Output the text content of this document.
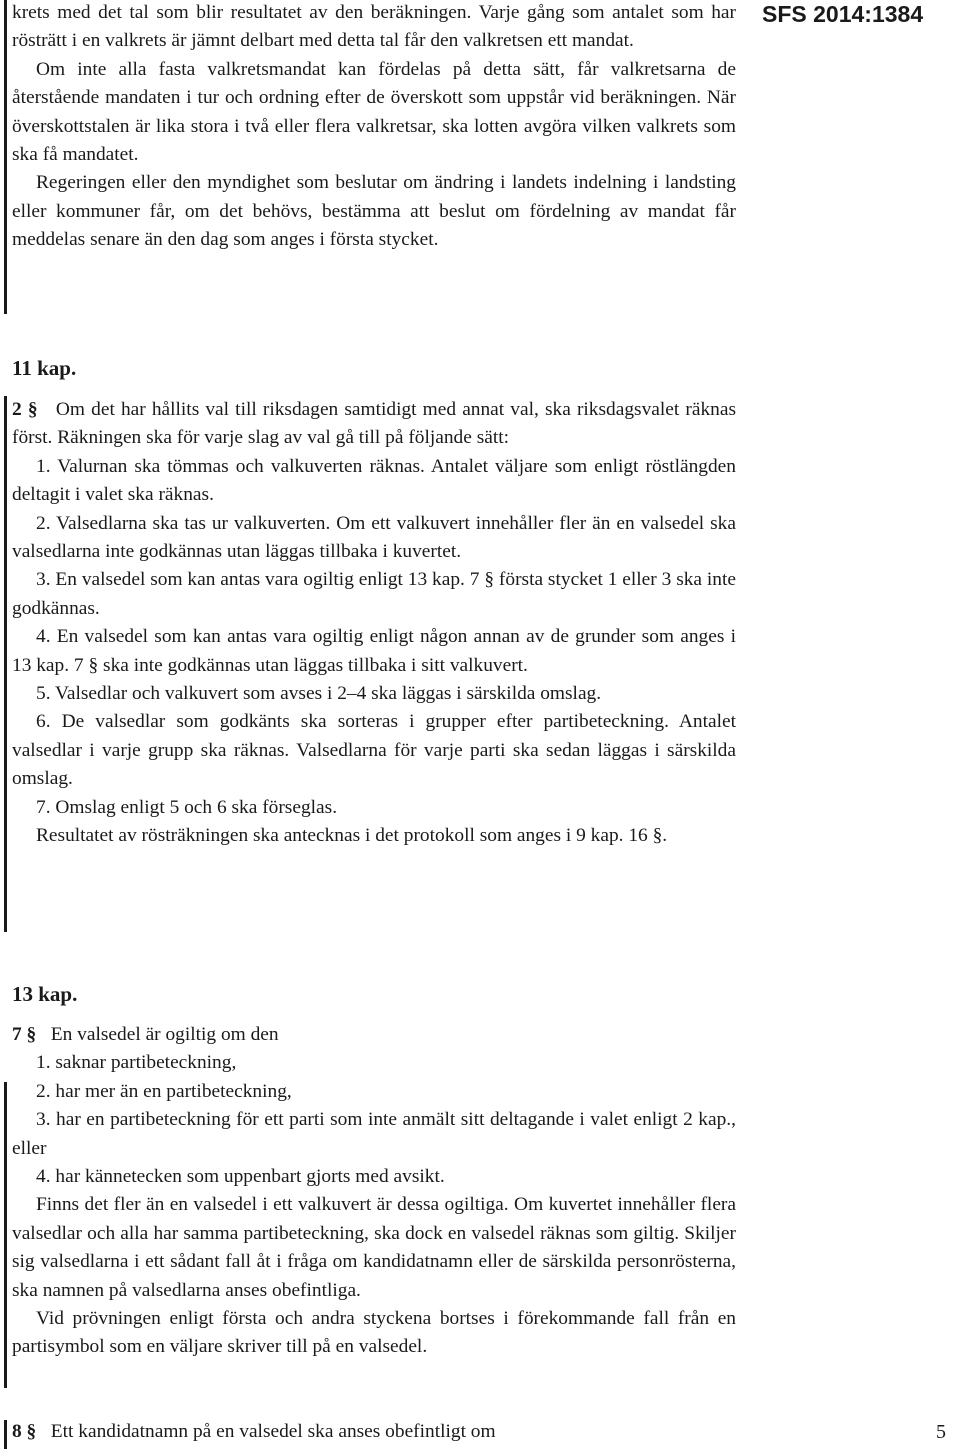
SFS 2014:1384

krets med det tal som blir resultatet av den beräkningen. Varje gång som antalet som har rösträtt i en valkrets är jämnt delbart med detta tal får den valkretsen ett mandat.

Om inte alla fasta valkretsmandat kan fördelas på detta sätt, får valkretsarna de återstående mandaten i tur och ordning efter de överskott som uppstår vid beräkningen. När överskottstalen är lika stora i två eller flera valkretsar, ska lotten avgöra vilken valkrets som ska få mandatet.

Regeringen eller den myndighet som beslutar om ändring i landets indelning i landsting eller kommuner får, om det behövs, bestämma att beslut om fördelning av mandat får meddelas senare än den dag som anges i första stycket.

11 kap.

2 § Om det har hållits val till riksdagen samtidigt med annat val, ska riksdagsvalet räknas först. Räkningen ska för varje slag av val gå till på följande sätt:

1. Valurnan ska tömmas och valkuverten räknas. Antalet väljare som enligt röstlängden deltagit i valet ska räknas.

2. Valsedlarna ska tas ur valkuverten. Om ett valkuvert innehåller fler än en valsedel ska valsedlarna inte godkännas utan läggas tillbaka i kuvertet.

3. En valsedel som kan antas vara ogiltig enligt 13 kap. 7 § första stycket 1 eller 3 ska inte godkännas.

4. En valsedel som kan antas vara ogiltig enligt någon annan av de grunder som anges i 13 kap. 7 § ska inte godkännas utan läggas tillbaka i sitt valkuvert.

5. Valsedlar och valkuvert som avses i 2–4 ska läggas i särskilda omslag.

6. De valsedlar som godkänts ska sorteras i grupper efter partibeteckning. Antalet valsedlar i varje grupp ska räknas. Valsedlarna för varje parti ska sedan läggas i särskilda omslag.

7. Omslag enligt 5 och 6 ska förseglas.

Resultatet av rösträkningen ska antecknas i det protokoll som anges i 9 kap. 16 §.

13 kap.

7 § En valsedel är ogiltig om den

1. saknar partibeteckning,

2. har mer än en partibeteckning,

3. har en partibeteckning för ett parti som inte anmält sitt deltagande i valet enligt 2 kap., eller

4. har kännetecken som uppenbart gjorts med avsikt.

Finns det fler än en valsedel i ett valkuvert är dessa ogiltiga. Om kuvertet innehåller flera valsedlar och alla har samma partibeteckning, ska dock en valsedel räknas som giltig. Skiljer sig valsedlarna i ett sådant fall åt i fråga om kandidatnamn eller de särskilda personrösterna, ska namnen på valsedlarna anses obefintliga.

Vid prövningen enligt första och andra styckena bortses i förekommande fall från en partisymbol som en väljare skriver till på en valsedel.

8 § Ett kandidatnamn på en valsedel ska anses obefintligt om	5
